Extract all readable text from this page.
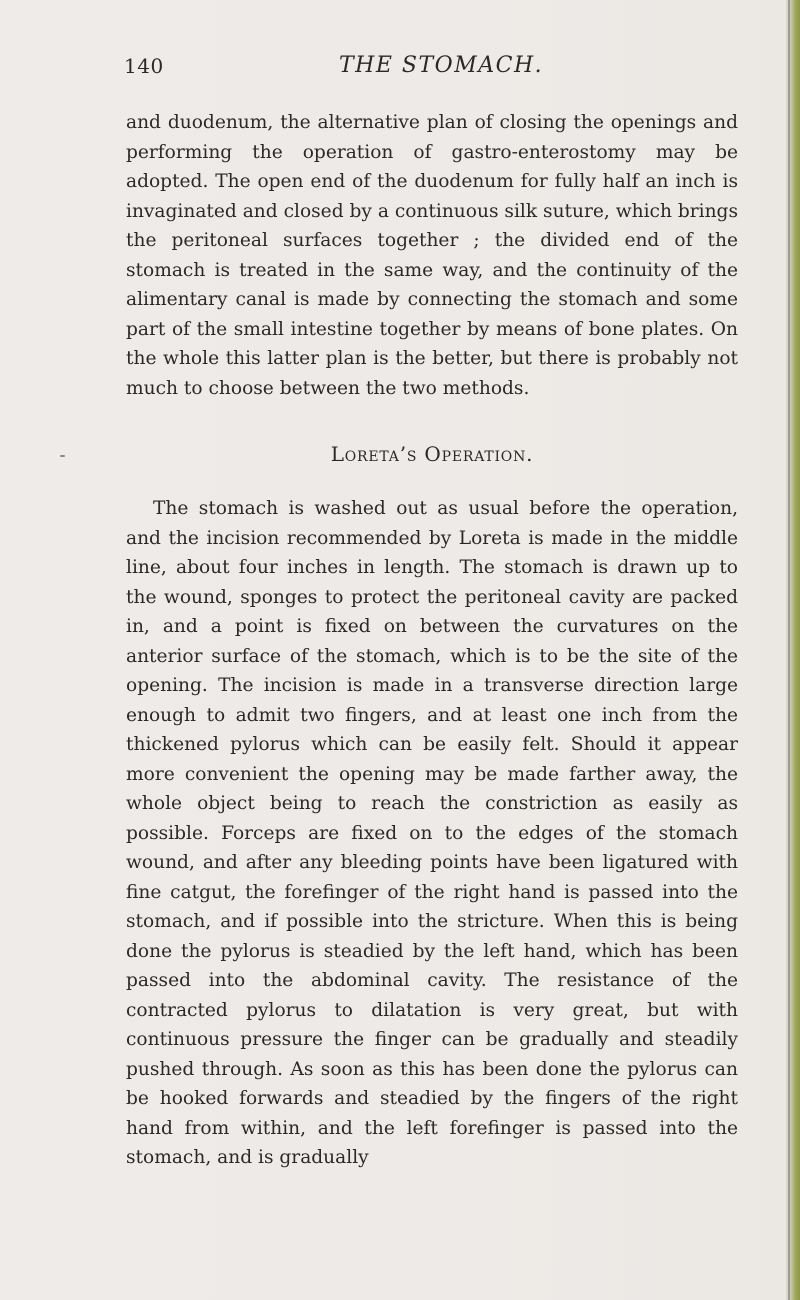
140	THE STOMACH.

and duodenum, the alternative plan of closing the openings and performing the operation of gastro-enterostomy may be adopted. The open end of the duodenum for fully half an inch is invaginated and closed by a continuous silk suture, which brings the peritoneal surfaces together ; the divided end of the stomach is treated in the same way, and the continuity of the alimentary canal is made by connecting the stomach and some part of the small intestine together by means of bone plates. On the whole this latter plan is the better, but there is probably not much to choose between the two methods.

Loreta’s Operation.

The stomach is washed out as usual before the operation, and the incision recommended by Loreta is made in the middle line, about four inches in length. The stomach is drawn up to the wound, sponges to protect the peritoneal cavity are packed in, and a point is fixed on between the curvatures on the anterior surface of the stomach, which is to be the site of the opening. The incision is made in a transverse direction large enough to admit two fingers, and at least one inch from the thickened pylorus which can be easily felt. Should it appear more convenient the opening may be made farther away, the whole object being to reach the constriction as easily as possible. Forceps are fixed on to the edges of the stomach wound, and after any bleeding points have been ligatured with fine catgut, the forefinger of the right hand is passed into the stomach, and if possible into the stricture. When this is being done the pylorus is steadied by the left hand, which has been passed into the abdominal cavity. The resistance of the contracted pylorus to dilatation is very great, but with continuous pressure the finger can be gradually and steadily pushed through. As soon as this has been done the pylorus can be hooked forwards and steadied by the fingers of the right hand from within, and the left forefinger is passed into the stomach, and is gradually
